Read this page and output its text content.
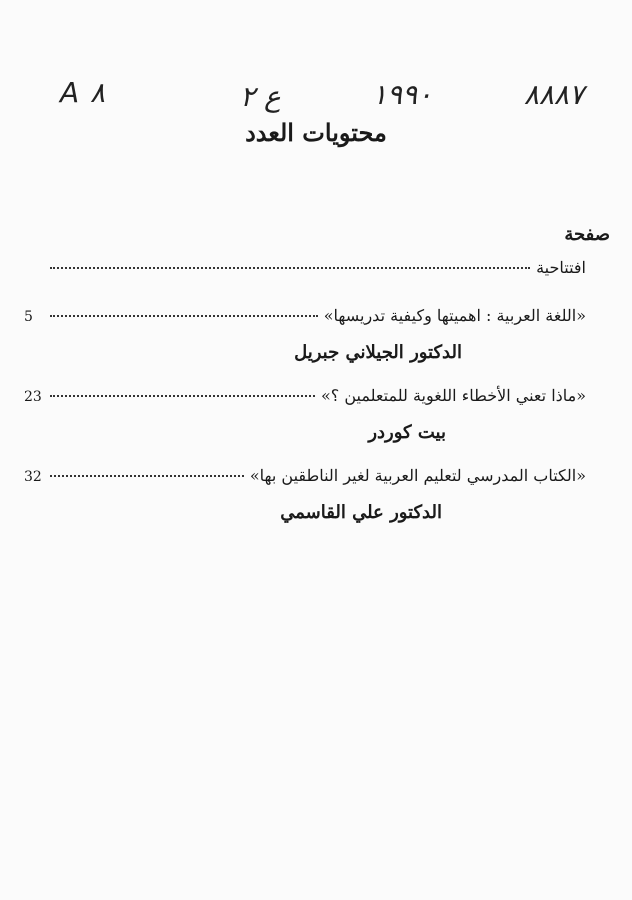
۸۸۸۷
۱۹۹۰
ع ٢
A ۸
محتويات العدد
صفحة
افتتاحية
«اللغة العربية : اهميتها وكيفية تدريسها»
5
الدكتور الجيلاني جبريل
«ماذا تعني الأخطاء اللغوية للمتعلمين ؟»
23
بيت كوردر
«الكتاب المدرسي لتعليم العربية لغير الناطقين بها»
32
الدكتور علي القاسمي
